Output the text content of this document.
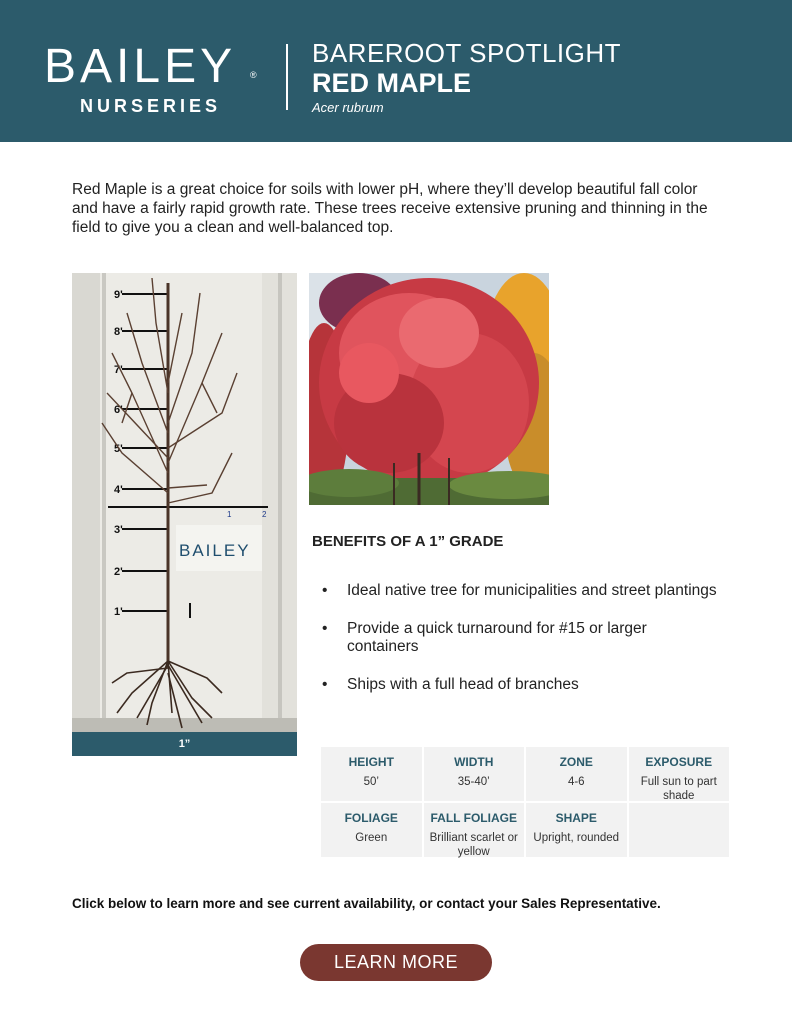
BAILEY ®
NURSERIES
BAREROOT SPOTLIGHT
RED MAPLE
Acer rubrum

Red Maple is a great choice for soils with lower pH, where they’ll develop beautiful fall color and have a fairly rapid growth rate. These trees receive extensive pruning and thinning in the field to give you a clean and well-balanced top.

9'
8'
7'
6'
5'
4'
3'
2'
1'
1	2
BAILEY
1”
BENEFITS OF A 1” GRADE
• Ideal native tree for municipalities and street plantings
• Provide a quick turnaround for #15 or larger containers
• Ships with a full head of branches
HEIGHT
50’
WIDTH
35-40’
ZONE
4-6
EXPOSURE
Full sun to part shade
FOLIAGE
Green
FALL FOLIAGE
Brilliant scarlet or yellow
SHAPE
Upright, rounded
Click below to learn more and see current availability, or contact your Sales Representative.
LEARN MORE
